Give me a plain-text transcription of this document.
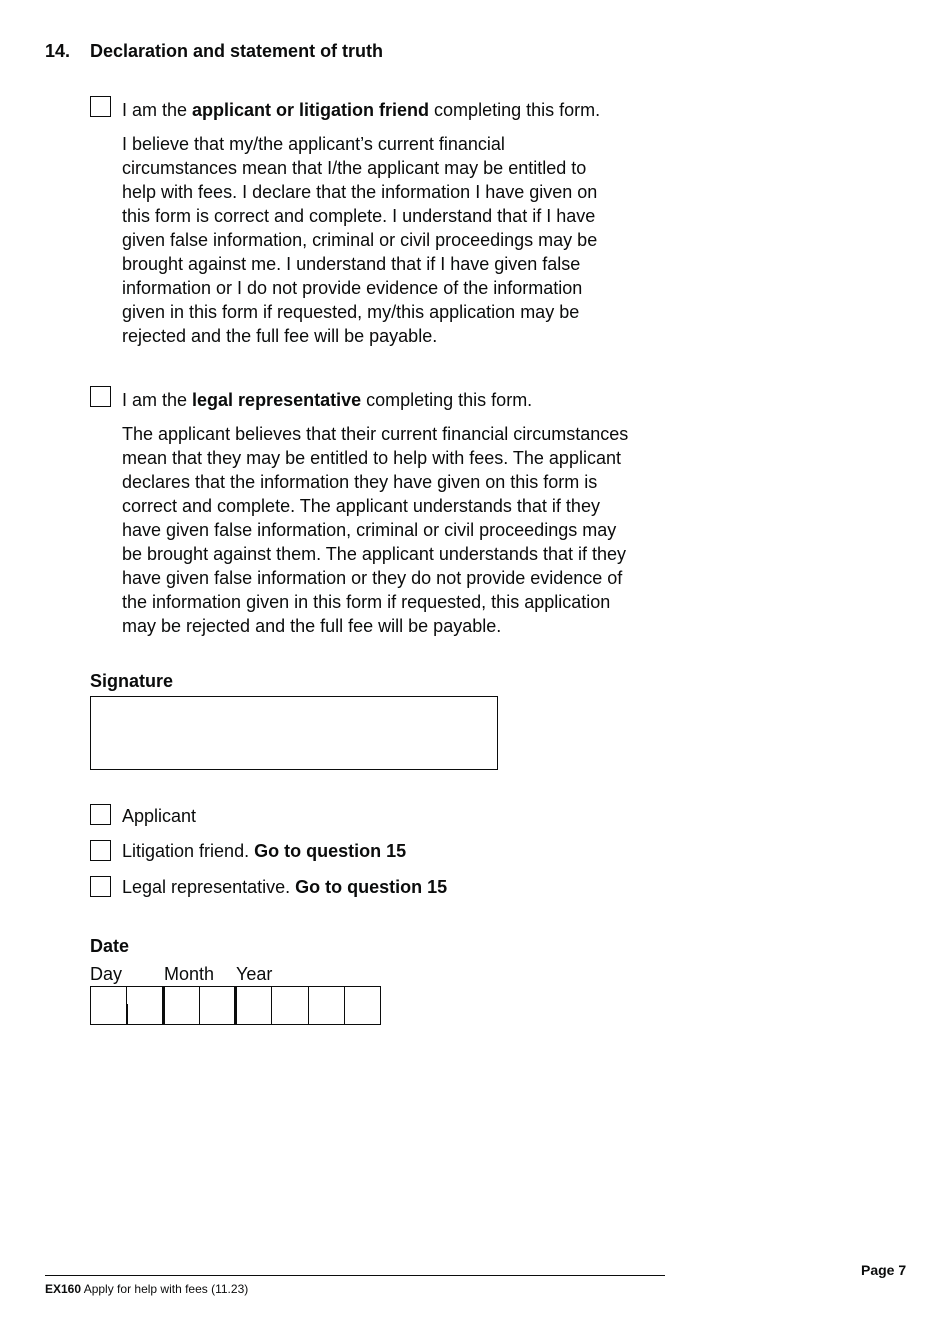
14. Declaration and statement of truth
I am the applicant or litigation friend completing this form.
I believe that my/the applicant’s current financial
circumstances mean that I/the applicant may be entitled to
help with fees. I declare that the information I have given on
this form is correct and complete. I understand that if I have
given false information, criminal or civil proceedings may be
brought against me. I understand that if I have given false
information or I do not provide evidence of the information
given in this form if requested, my/this application may be
rejected and the full fee will be payable.
I am the legal representative completing this form.
The applicant believes that their current financial circumstances
mean that they may be entitled to help with fees. The applicant
declares that the information they have given on this form is
correct and complete. The applicant understands that if they
have given false information, criminal or civil proceedings may
be brought against them. The applicant understands that if they
have given false information or they do not provide evidence of
the information given in this form if requested, this application
may be rejected and the full fee will be payable.
Signature
Applicant
Litigation friend. Go to question 15
Legal representative. Go to question 15
Date
Day Month Year
Page 7
EX160 Apply for help with fees (11.23)
